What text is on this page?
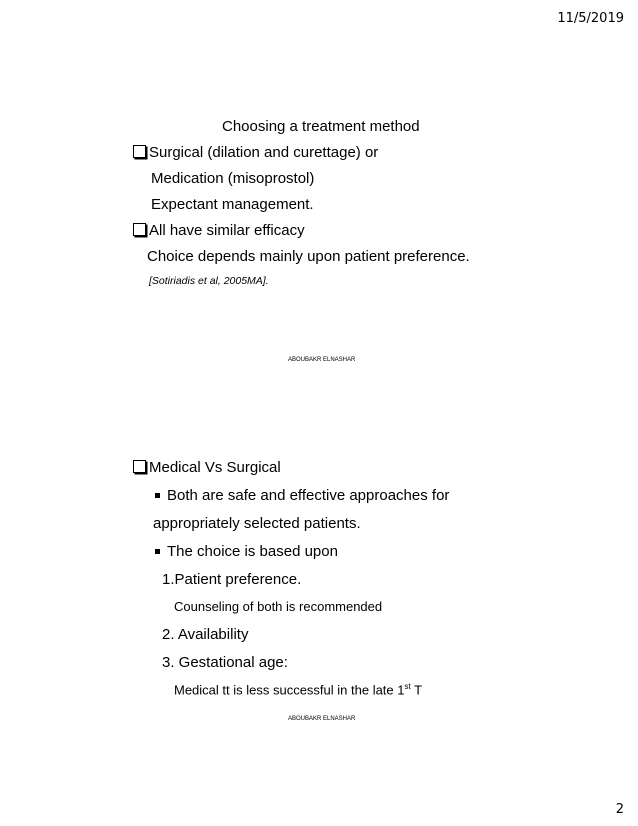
11/5/2019
Choosing a treatment method
Surgical (dilation and curettage) or
Medication (misoprostol)
Expectant management.
All have similar efficacy
Choice depends mainly upon patient preference.
[Sotiriadis et al, 2005MA].
ABOUBAKR ELNASHAR
Medical Vs Surgical
Both are safe and effective approaches for
appropriately selected patients.
The choice is based upon
1.Patient preference.
Counseling of both is recommended
2. Availability
3. Gestational age:
Medical tt is less successful in the late 1st T
ABOUBAKR ELNASHAR
2
